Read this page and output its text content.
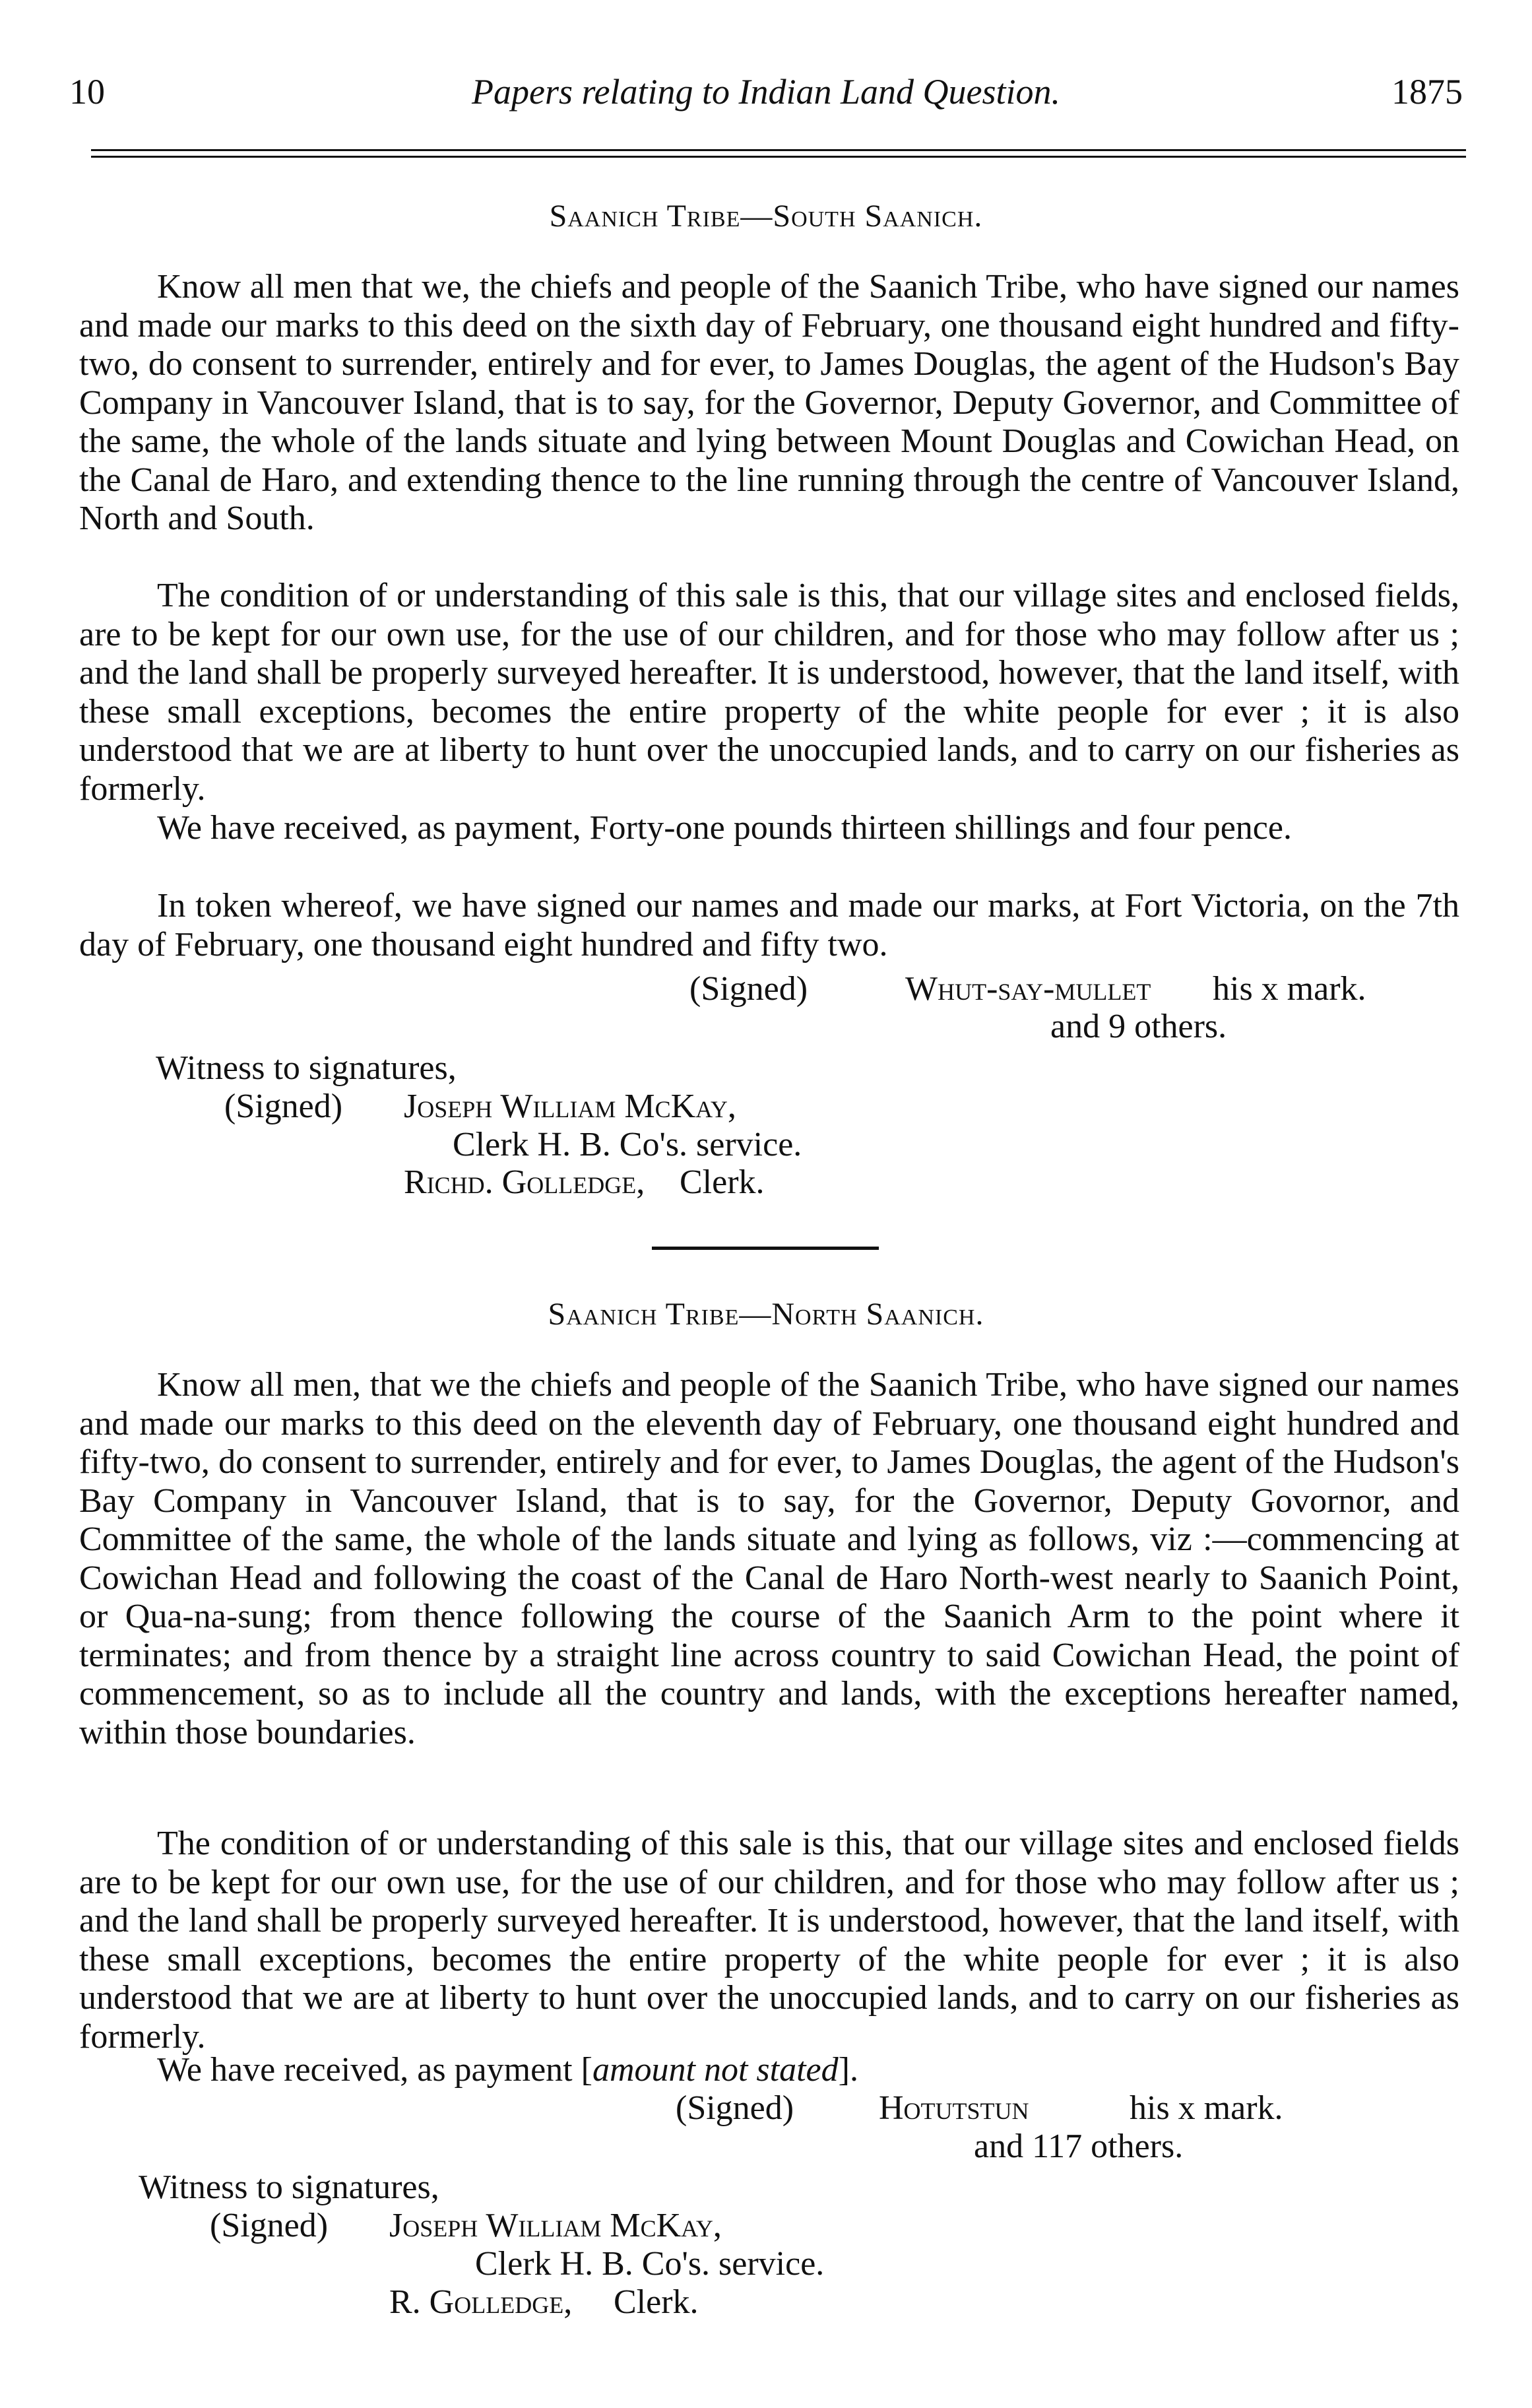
10	Papers relating to Indian Land Question.	1875
Saanich Tribe—South Saanich.

Know all men that we, the chiefs and people of the Saanich Tribe, who have signed our names and made our marks to this deed on the sixth day of February, one thousand eight hundred and fifty-two, do consent to surrender, entirely and for ever, to James Douglas, the agent of the Hudson's Bay Company in Vancouver Island, that is to say, for the Governor, Deputy Governor, and Committee of the same, the whole of the lands situate and lying between Mount Douglas and Cowichan Head, on the Canal de Haro, and extending thence to the line running through the centre of Vancouver Island, North and South.

The condition of or understanding of this sale is this, that our village sites and enclosed fields, are to be kept for our own use, for the use of our children, and for those who may follow after us ; and the land shall be properly surveyed hereafter. It is understood, however, that the land itself, with these small exceptions, becomes the entire property of the white people for ever ; it is also understood that we are at liberty to hunt over the unoccupied lands, and to carry on our fisheries as formerly.

We have received, as payment, Forty-one pounds thirteen shillings and four pence.

In token whereof, we have signed our names and made our marks, at Fort Victoria, on the 7th day of February, one thousand eight hundred and fifty two.

(Signed)	Whut-say-mullet his x mark.
and 9 others.
Witness to signatures,
(Signed) Joseph William McKay,
Clerk H. B. Co's. service.
Richd. Golledge, Clerk.
Saanich Tribe—North Saanich.

Know all men, that we the chiefs and people of the Saanich Tribe, who have signed our names and made our marks to this deed on the eleventh day of February, one thousand eight hundred and fifty-two, do consent to surrender, entirely and for ever, to James Douglas, the agent of the Hudson's Bay Company in Vancouver Island, that is to say, for the Governor, Deputy Govornor, and Committee of the same, the whole of the lands situate and lying as follows, viz :—commencing at Cowichan Head and following the coast of the Canal de Haro North-west nearly to Saanich Point, or Qua-na-sung; from thence following the course of the Saanich Arm to the point where it terminates; and from thence by a straight line across country to said Cowichan Head, the point of commencement, so as to include all the country and lands, with the exceptions hereafter named, within those boundaries.

The condition of or understanding of this sale is this, that our village sites and enclosed fields are to be kept for our own use, for the use of our children, and for those who may follow after us ; and the land shall be properly surveyed hereafter. It is understood, however, that the land itself, with these small exceptions, becomes the entire property of the white people for ever ; it is also understood that we are at liberty to hunt over the unoccupied lands, and to carry on our fisheries as formerly.

We have received, as payment [amount not stated].
(Signed) Hotutstun	his x mark.
and 117 others.
Witness to signatures,
(Signed) Joseph William McKay,
Clerk H. B. Co's. service.
R. Golledge, Clerk.
